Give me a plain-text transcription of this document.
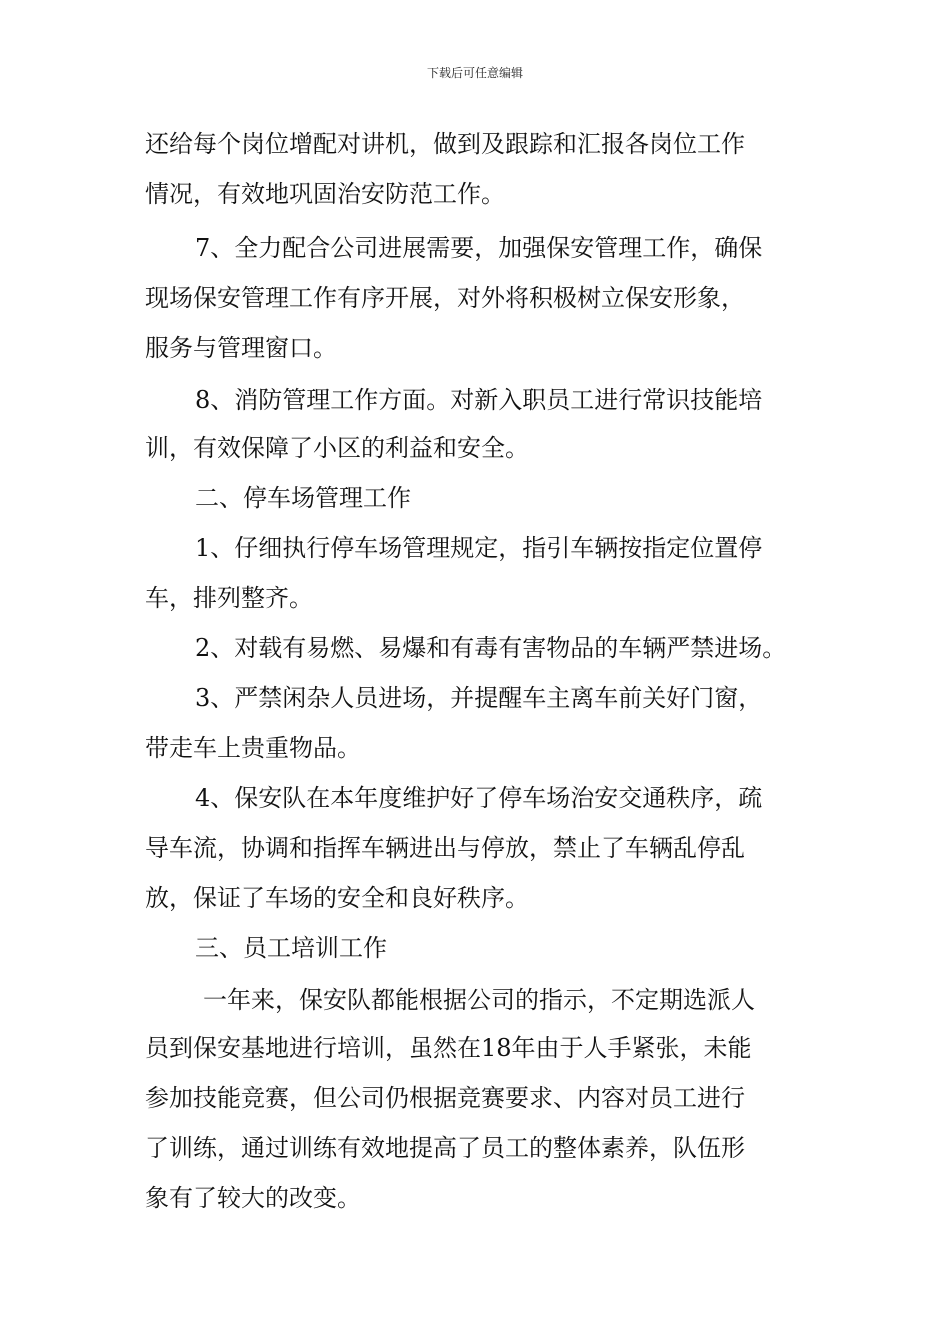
下载后可任意编辑

还给每个岗位增配对讲机，做到及跟踪和汇报各岗位工作

情况，有效地巩固治安防范工作。

7、全力配合公司进展需要，加强保安管理工作，确保

现场保安管理工作有序开展，对外将积极树立保安形象，

服务与管理窗口。

8、消防管理工作方面。对新入职员工进行常识技能培

训，有效保障了小区的利益和安全。

二、停车场管理工作

1、仔细执行停车场管理规定，指引车辆按指定位置停

车，排列整齐。

2、对载有易燃、易爆和有毒有害物品的车辆严禁进场。

3、严禁闲杂人员进场，并提醒车主离车前关好门窗，

带走车上贵重物品。

4、保安队在本年度维护好了停车场治安交通秩序，疏

导车流，协调和指挥车辆进出与停放，禁止了车辆乱停乱

放，保证了车场的安全和良好秩序。

三、员工培训工作

一年来，保安队都能根据公司的指示，不定期选派人

员到保安基地进行培训，虽然在18年由于人手紧张，未能

参加技能竞赛，但公司仍根据竞赛要求、内容对员工进行

了训练，通过训练有效地提高了员工的整体素养，队伍形

象有了较大的改变。
